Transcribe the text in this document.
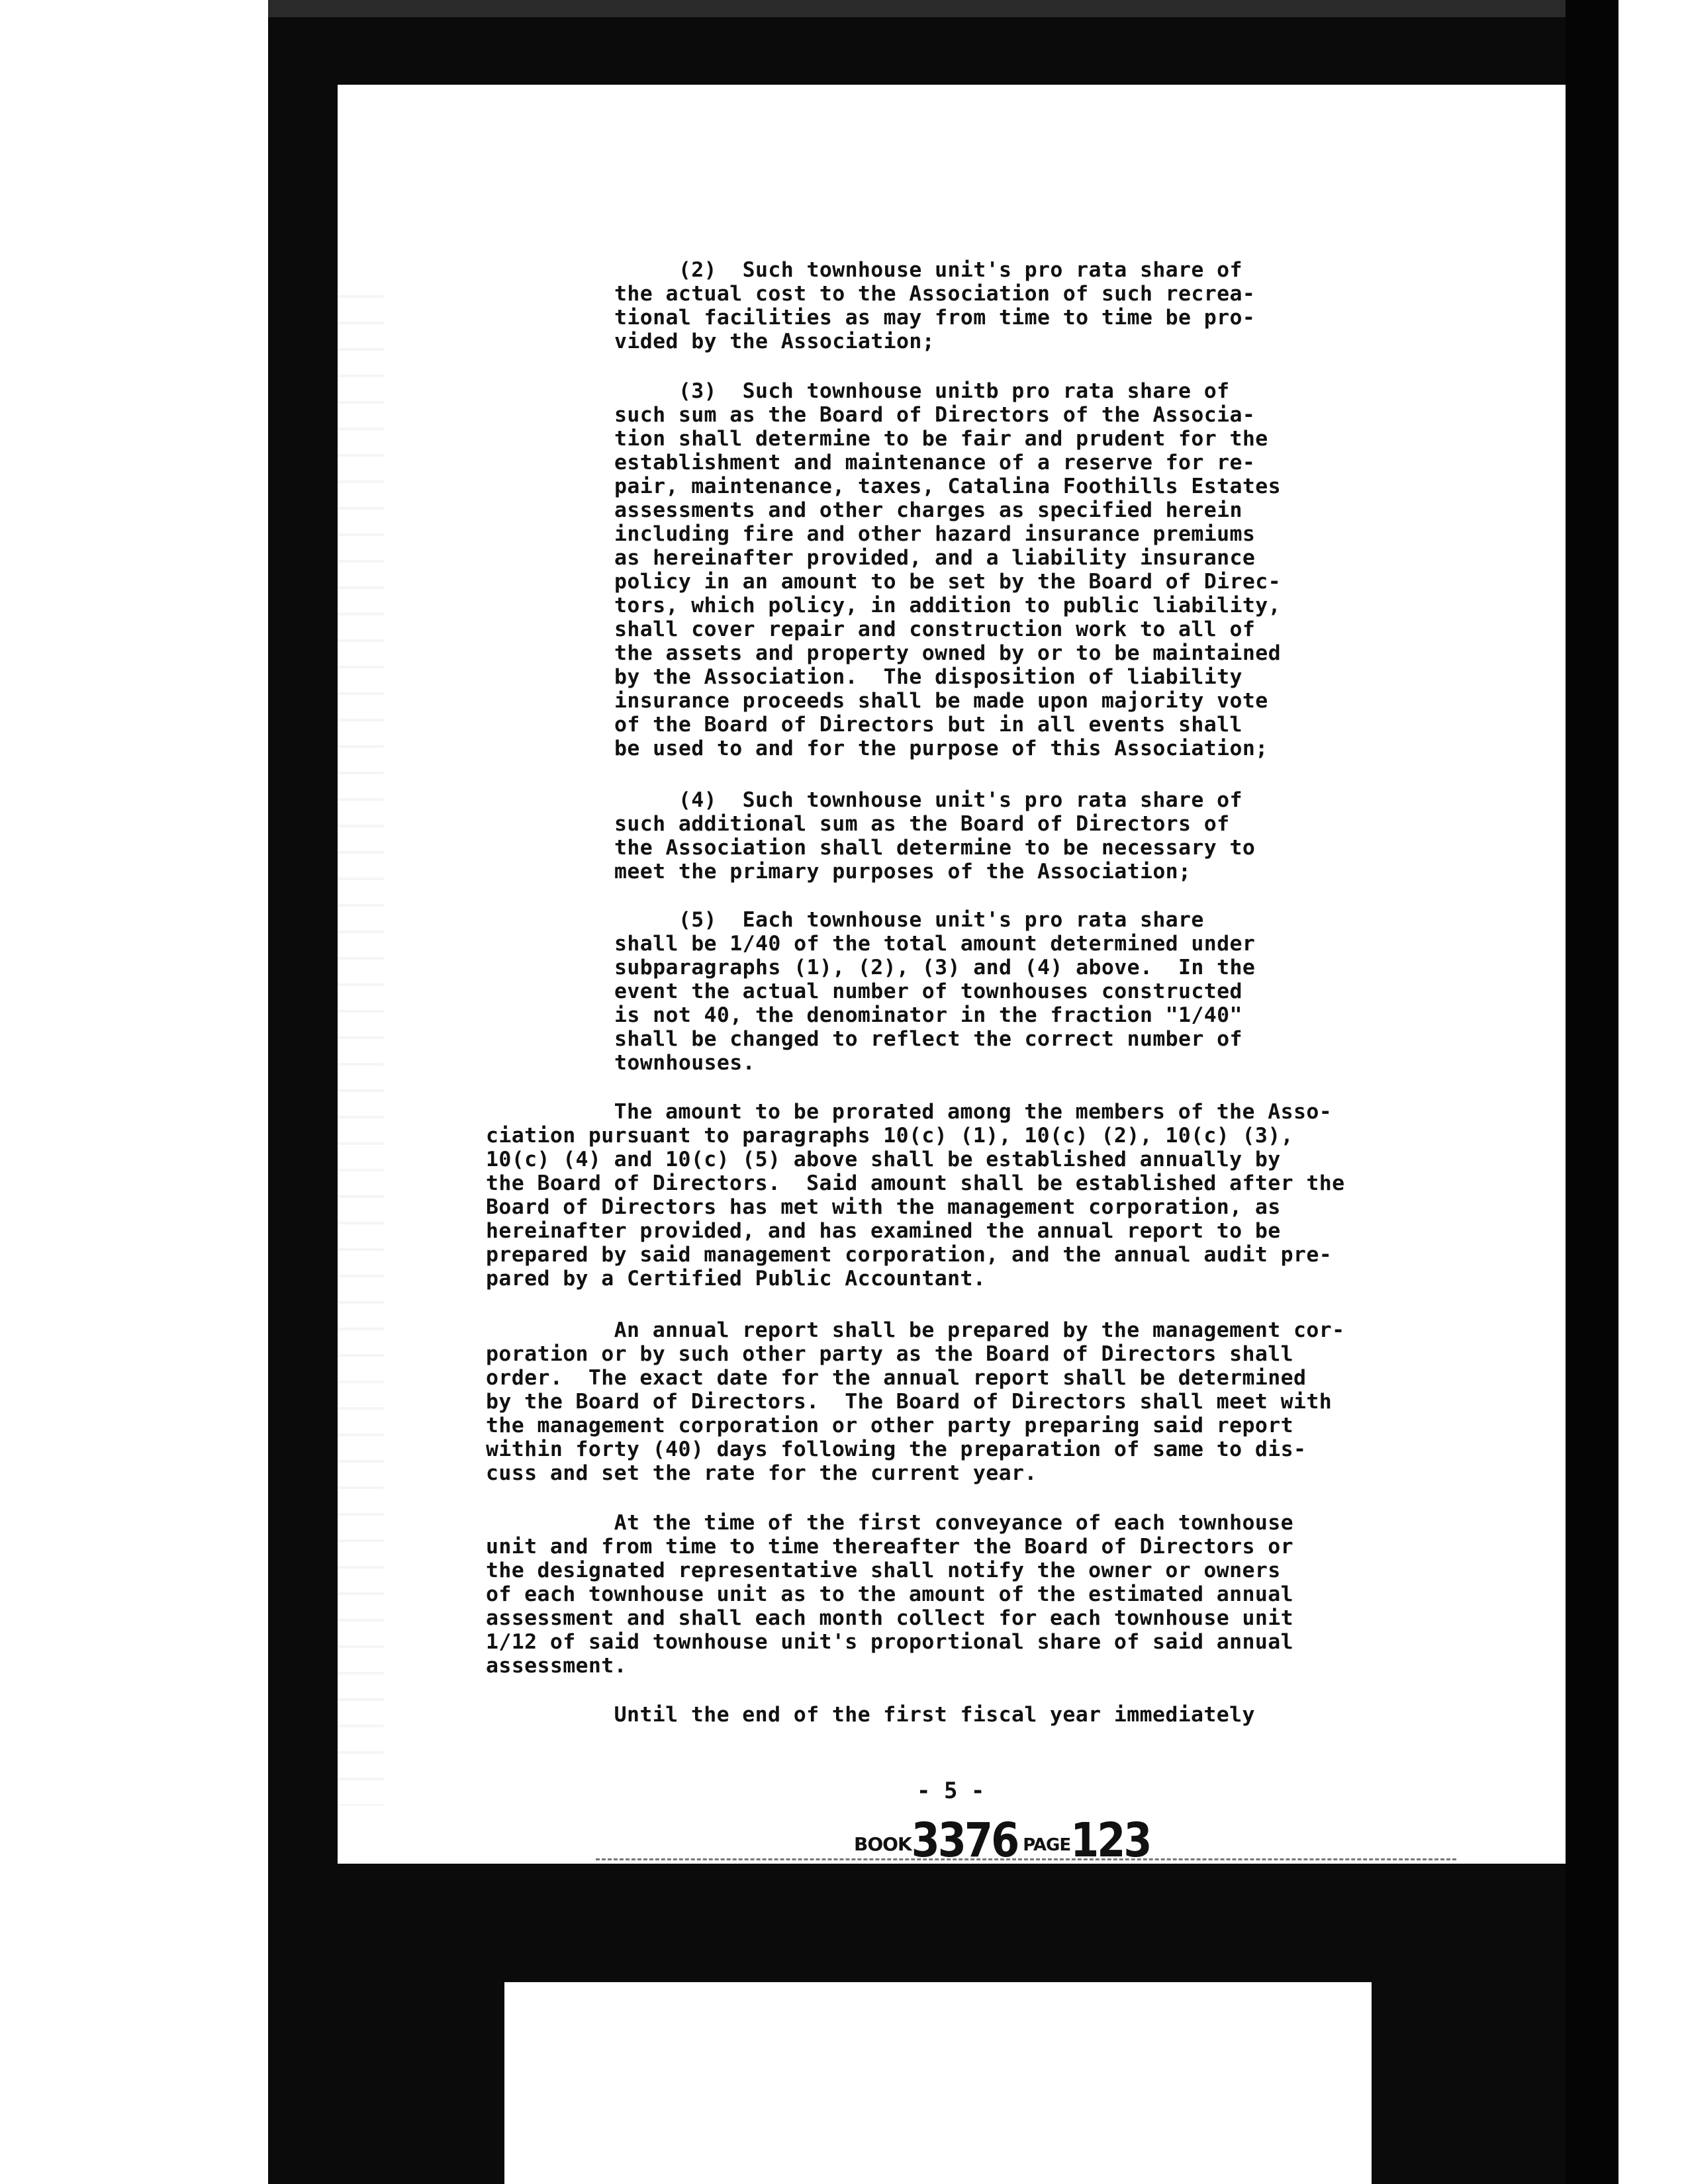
(2)  Such townhouse unit's pro rata share of
the actual cost to the Association of such recrea-
tional facilities as may from time to time be pro-
vided by the Association;
(3)  Such townhouse unitb pro rata share of
such sum as the Board of Directors of the Associa-
tion shall determine to be fair and prudent for the
establishment and maintenance of a reserve for re-
pair, maintenance, taxes, Catalina Foothills Estates
assessments and other charges as specified herein
including fire and other hazard insurance premiums
as hereinafter provided, and a liability insurance
policy in an amount to be set by the Board of Direc-
tors, which policy, in addition to public liability,
shall cover repair and construction work to all of
the assets and property owned by or to be maintained
by the Association.  The disposition of liability
insurance proceeds shall be made upon majority vote
of the Board of Directors but in all events shall
be used to and for the purpose of this Association;
(4)  Such townhouse unit's pro rata share of
such additional sum as the Board of Directors of
the Association shall determine to be necessary to
meet the primary purposes of the Association;
(5)  Each townhouse unit's pro rata share
shall be 1/40 of the total amount determined under
subparagraphs (1), (2), (3) and (4) above.  In the
event the actual number of townhouses constructed
is not 40, the denominator in the fraction "1/40"
shall be changed to reflect the correct number of
townhouses.
The amount to be prorated among the members of the Asso-
ciation pursuant to paragraphs 10(c) (1), 10(c) (2), 10(c) (3),
10(c) (4) and 10(c) (5) above shall be established annually by
the Board of Directors.  Said amount shall be established after the
Board of Directors has met with the management corporation, as
hereinafter provided, and has examined the annual report to be
prepared by said management corporation, and the annual audit pre-
pared by a Certified Public Accountant.
An annual report shall be prepared by the management cor-
poration or by such other party as the Board of Directors shall
order.  The exact date for the annual report shall be determined
by the Board of Directors.  The Board of Directors shall meet with
the management corporation or other party preparing said report
within forty (40) days following the preparation of same to dis-
cuss and set the rate for the current year.
At the time of the first conveyance of each townhouse
unit and from time to time thereafter the Board of Directors or
the designated representative shall notify the owner or owners
of each townhouse unit as to the amount of the estimated annual
assessment and shall each month collect for each townhouse unit
1/12 of said townhouse unit's proportional share of said annual
assessment.
Until the end of the first fiscal year immediately
- 5 -
BOOK3376 PAGE123
